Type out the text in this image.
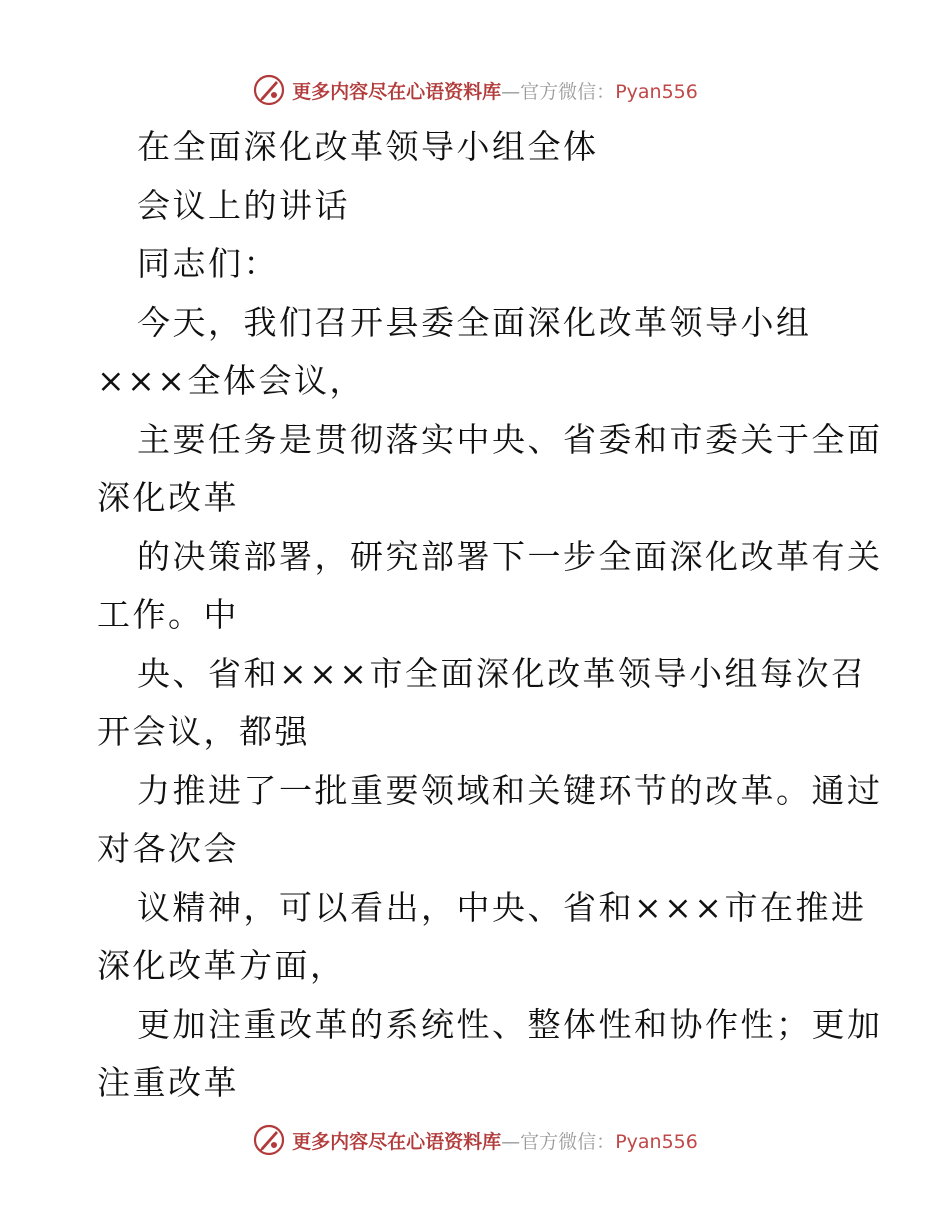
更多内容尽在心语资料库—官方微信：Pyan556
在全面深化改革领导小组全体
会议上的讲话
同志们：
今天，我们召开县委全面深化改革领导小组
×××全体会议，
主要任务是贯彻落实中央、省委和市委关于全面
深化改革
的决策部署，研究部署下一步全面深化改革有关
工作。中
央、省和×××市全面深化改革领导小组每次召
开会议，都强
力推进了一批重要领域和关键环节的改革。通过
对各次会
议精神，可以看出，中央、省和×××市在推进
深化改革方面，
更加注重改革的系统性、整体性和协作性；更加
注重改革
更多内容尽在心语资料库—官方微信：Pyan556
